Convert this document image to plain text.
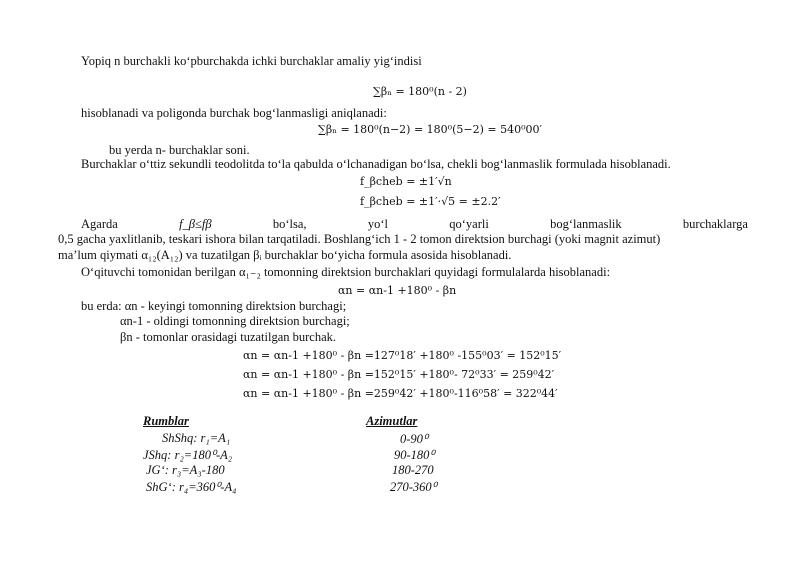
Yopiq n burchakli ko‘pburchakda ichki burchaklar amaliy yig‘indisi
∑βₙ = 180⁰(n - 2)
hisoblanadi va poligonda burchak bog‘lanmasligi aniqlanadi:
∑βₙ = 180⁰(n−2) = 180⁰(5−2) = 540⁰00′
bu yerda n- burchaklar soni.
Burchaklar o‘ttiz sekundli teodolitda to‘la qabulda o‘lchanadigan bo‘lsa, chekli bog‘lanmaslik formulada hisoblanadi.
f_βcheb = ±1′√n
f_βcheb = ±1′·√5 = ±2.2′
Agarda	f_β≤fβ	bo‘lsa,	yo‘l	qo‘yarli	bog‘lanmaslik	burchaklarga
0,5 gacha yaxlitlanib, teskari ishora bilan tarqatiladi. Boshlang‘ich 1 - 2 tomon direktsion burchagi (yoki magnit azimut)
ma’lum qiymati α₁₂(A₁₂) va tuzatilgan βᵢ burchaklar bo‘yicha formula asosida hisoblanadi.
O‘qituvchi tomonidan berilgan α₁₋₂ tomonning direktsion burchaklari quyidagi formulalarda hisoblanadi:
αn = αn-1 +180⁰ - βn
bu erda: αn - keyingi tomonning direktsion burchagi;
αn-1 - oldingi tomonning direktsion burchagi;
βn - tomonlar orasidagi tuzatilgan burchak.
αn = αn-1 +180⁰ - βn =127⁰18′ +180⁰ -155⁰03′ = 152⁰15′
αn = αn-1 +180⁰ - βn =152⁰15′ +180⁰- 72⁰33′ = 259⁰42′
αn = αn-1 +180⁰ - βn =259⁰42′ +180⁰-116⁰58′ = 322⁰44′
Rumblar	Azimutlar
ShShq: r₁=A₁	0-90⁰
JShq: r₂=180⁰-A₂	90-180⁰
JG‘: r₃=A₃-180	180-270
ShG‘: r₄=360⁰-A₄	270-360⁰
